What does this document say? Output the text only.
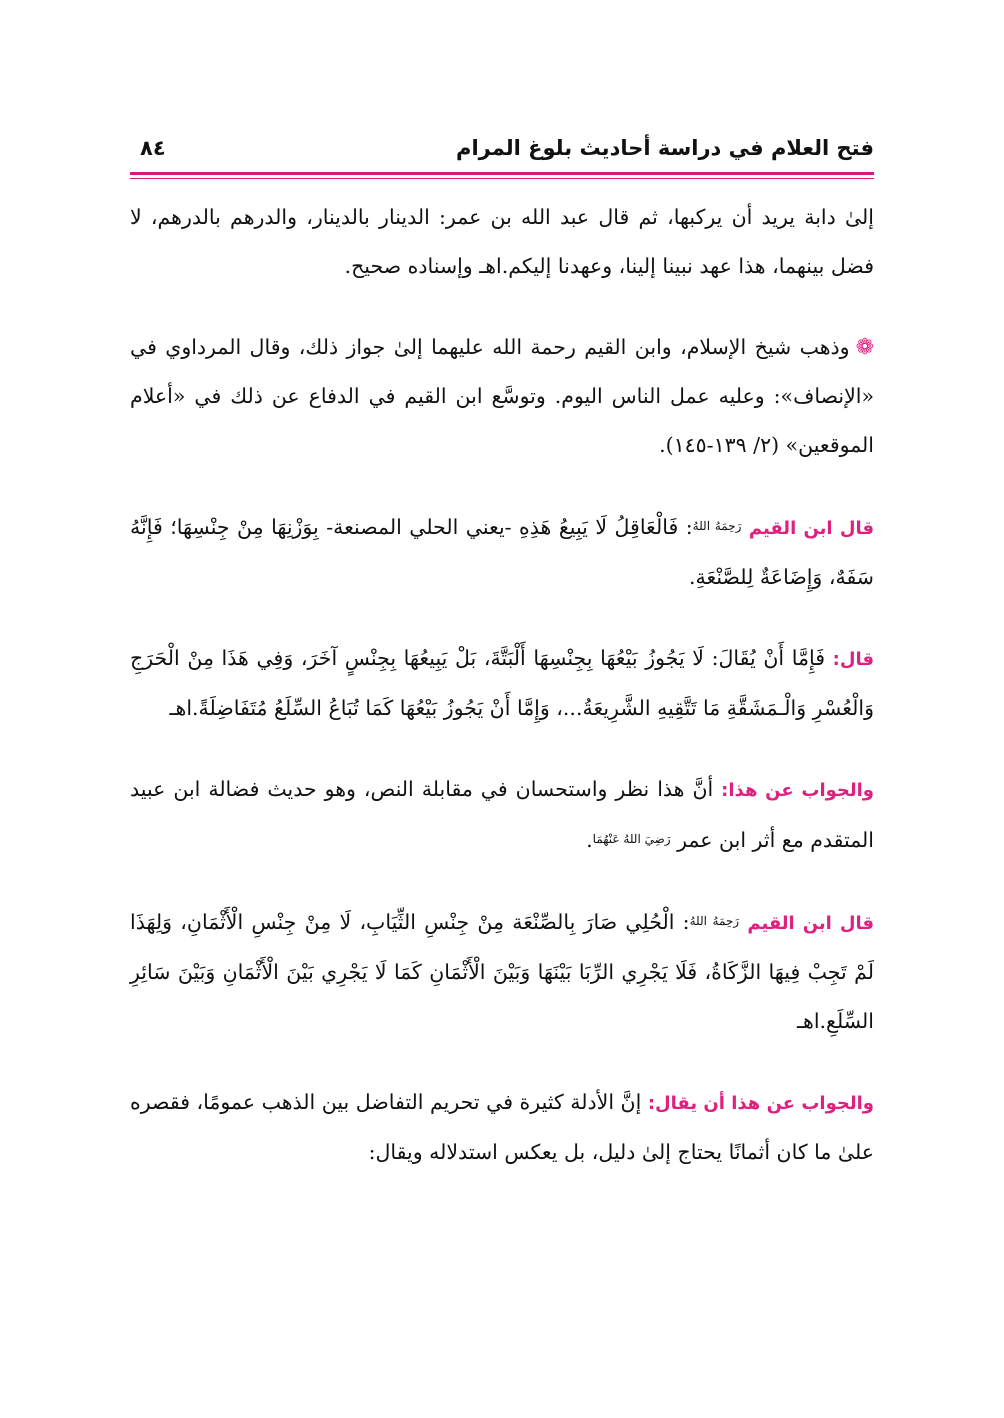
فتح العلام في دراسة أحاديث بلوغ المرام
٨٤

إلىٰ دابة يريد أن يركبها، ثم قال عبد الله بن عمر: الدينار بالدينار، والدرهم بالدرهم، لا فضل بينهما، هذا عهد نبينا إلينا، وعهدنا إليكم.اهـ وإسناده صحيح.

❁وذهب شيخ الإسلام، وابن القيم رحمة الله عليهما إلىٰ جواز ذلك، وقال المرداوي في «الإنصاف»: وعليه عمل الناس اليوم. وتوسَّع ابن القيم في الدفاع عن ذلك في «أعلام الموقعين» (٢/ ١٣٩-١٤٥).

قال ابن القيم رَحِمَهُ اللهُ: فَالْعَاقِلُ لَا يَبِيعُ هَذِهِ -يعني الحلي المصنعة- بِوَزْنِهَا مِنْ جِنْسِهَا؛ فَإِنَّهُ سَفَهٌ، وَإِضَاعَةٌ لِلصَّنْعَةِ.

قال: فَإِمَّا أَنْ يُقَالَ: لَا يَجُوزُ بَيْعُهَا بِجِنْسِهَا أَلْبَتَّةَ، بَلْ يَبِيعُهَا بِجِنْسٍ آخَرَ، وَفِي هَذَا مِنْ الْحَرَجِ وَالْعُسْرِ وَالْـمَشَقَّةِ مَا تَتَّقِيهِ الشَّرِيعَةُ...، وَإِمَّا أَنْ يَجُوزُ بَيْعُهَا كَمَا تُبَاعُ السِّلَعُ مُتَفَاضِلَةً.اهـ

والجواب عن هذا: أنَّ هذا نظر واستحسان في مقابلة النص، وهو حديث فضالة ابن عبيد المتقدم مع أثر ابن عمر رَضِيَ اللهُ عَنْهُمَا.

قال ابن القيم رَحِمَهُ اللهُ: الْحُلِي صَارَ بِالصِّنْعَة مِنْ جِنْسِ الثِّيَابِ، لَا مِنْ جِنْسِ الْأَثْمَانِ، وَلِهَذَا لَمْ تَجِبْ فِيهَا الزَّكَاةُ، فَلَا يَجْرِي الرِّبَا بَيْنَهَا وَبَيْنَ الْأَثْمَانِ كَمَا لَا يَجْرِي بَيْنَ الْأَثْمَانِ وَبَيْنَ سَائِرِ السِّلَعِ.اهـ

والجواب عن هذا أن يقال: إنَّ الأدلة كثيرة في تحريم التفاضل بين الذهب عمومًا، فقصره علىٰ ما كان أثمانًا يحتاج إلىٰ دليل، بل يعكس استدلاله ويقال:
